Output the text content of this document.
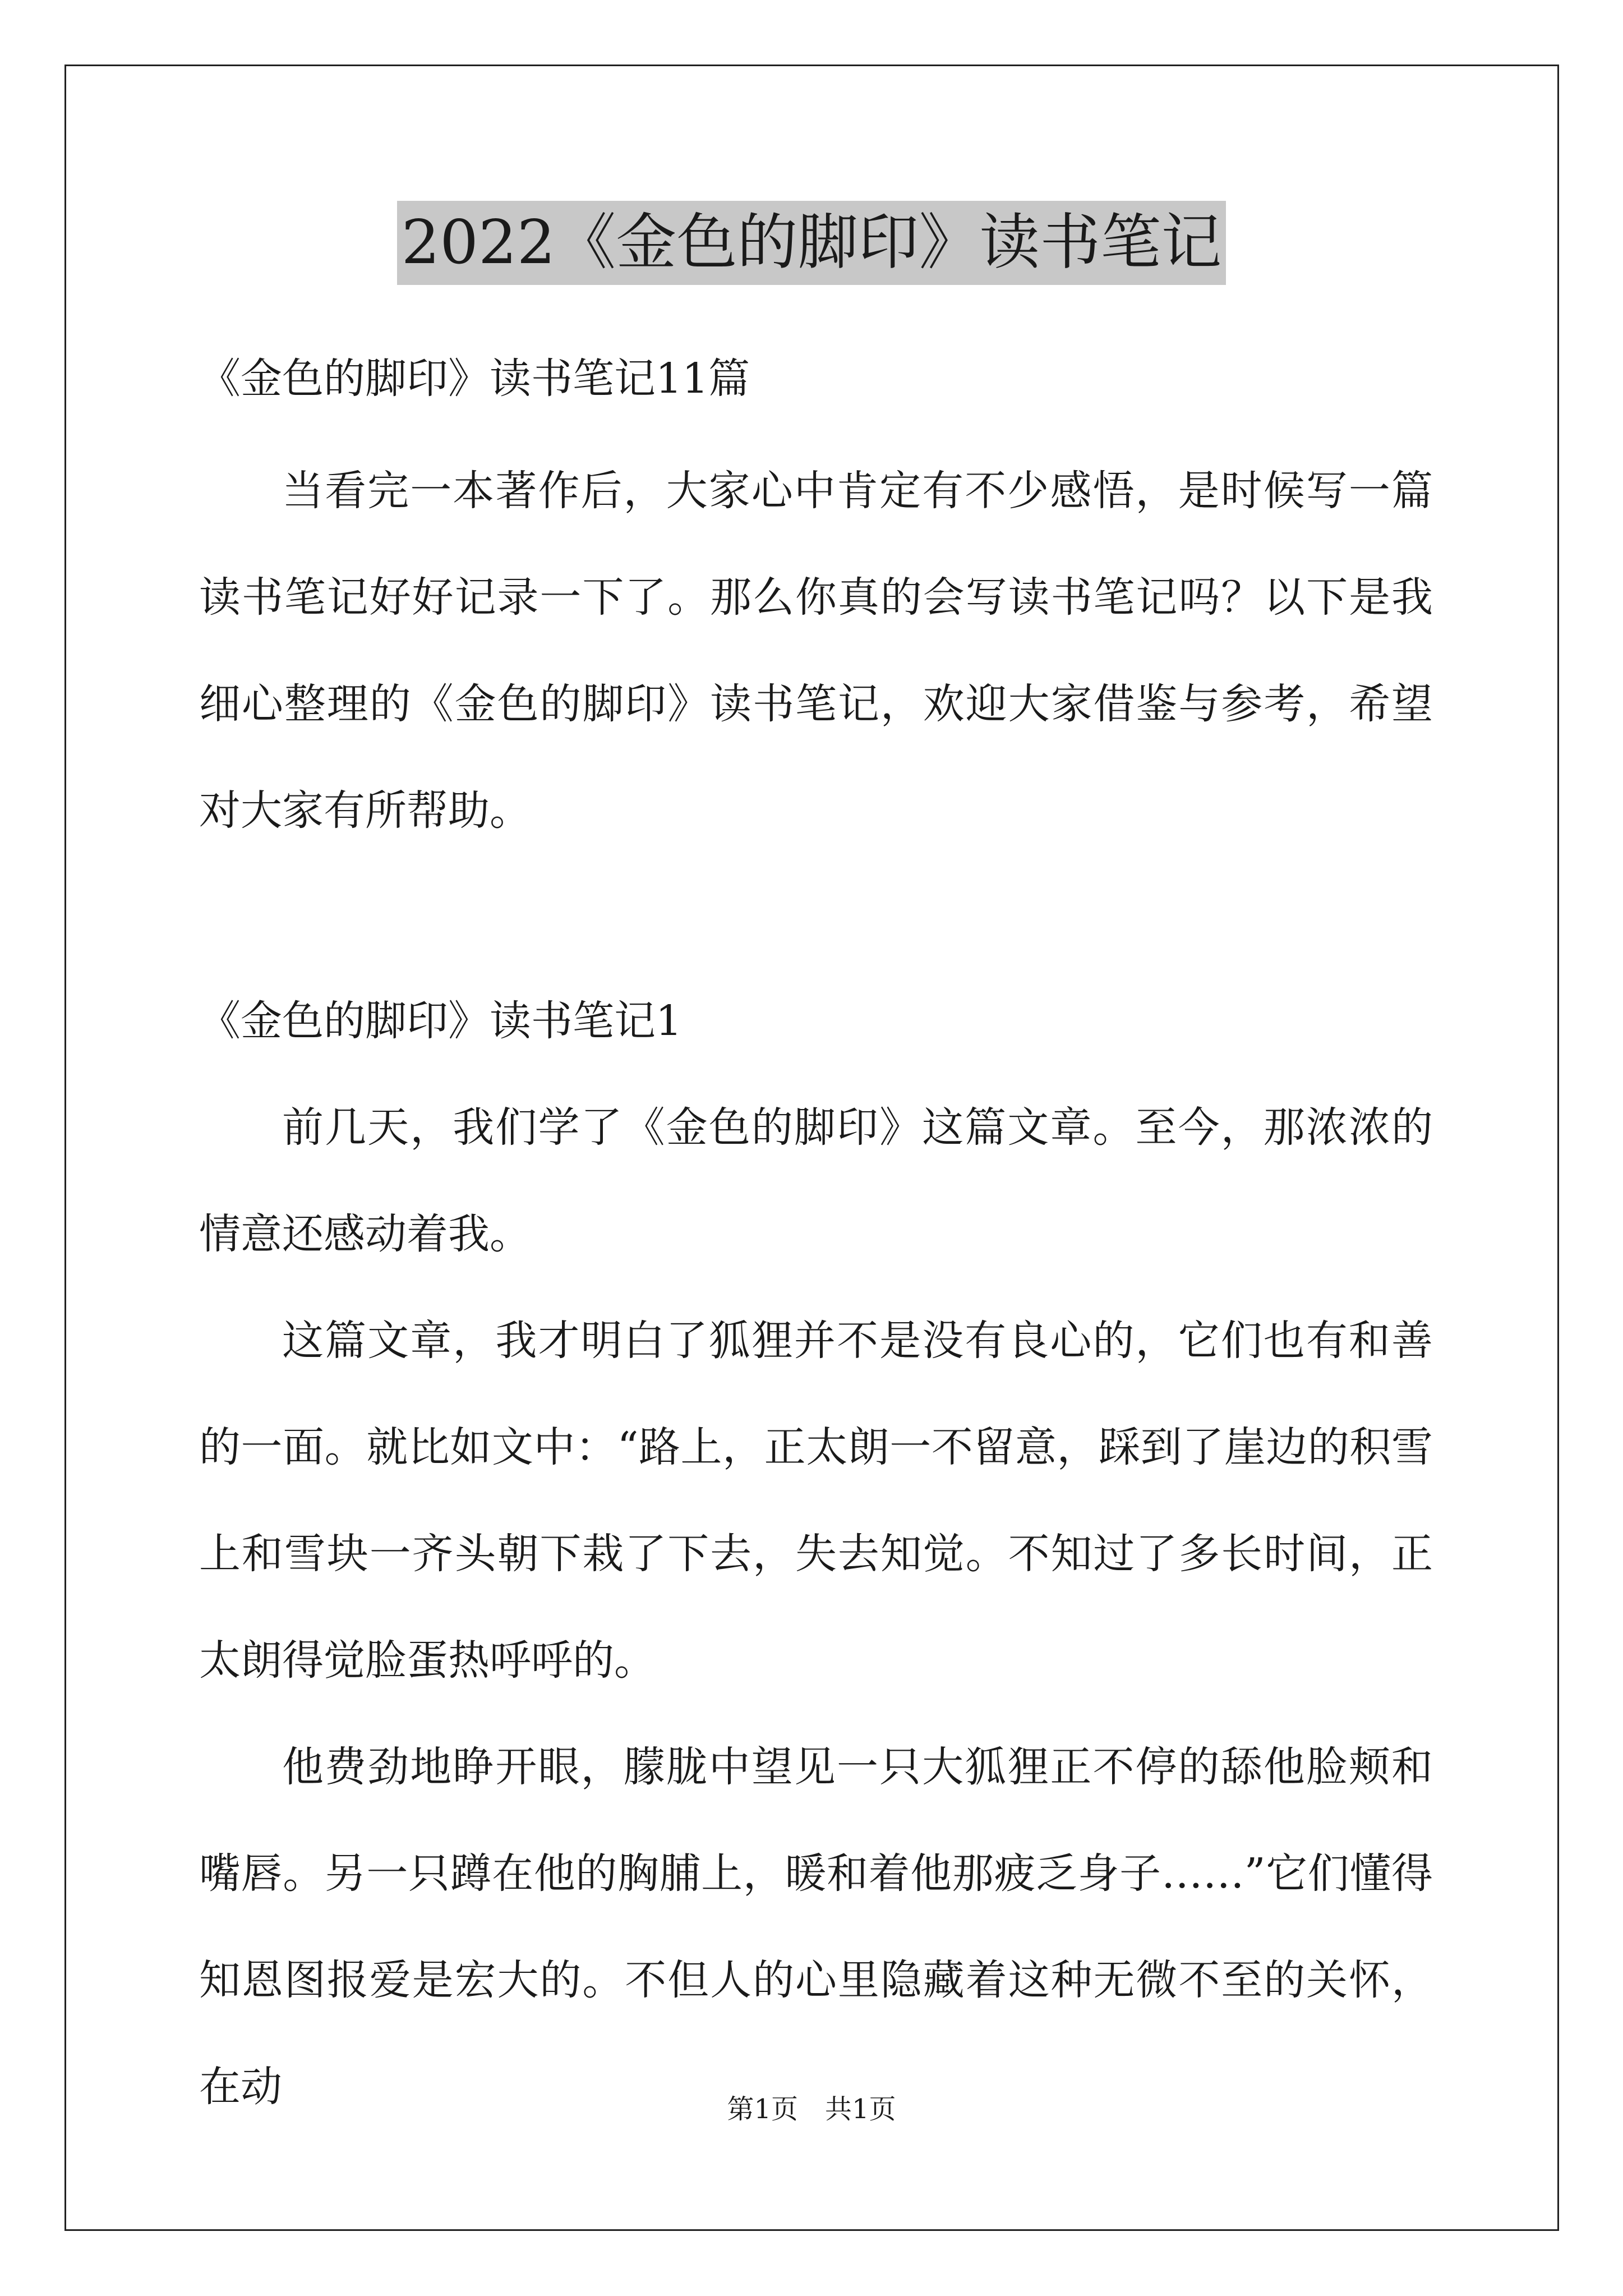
2022《金色的脚印》读书笔记
《金色的脚印》读书笔记11篇

当看完一本著作后，大家心中肯定有不少感悟，是时候写一篇读书笔记好好记录一下了。那么你真的会写读书笔记吗？以下是我细心整理的《金色的脚印》读书笔记，欢迎大家借鉴与参考，希望对大家有所帮助。

《金色的脚印》读书笔记1

前几天，我们学了《金色的脚印》这篇文章。至今，那浓浓的情意还感动着我。

这篇文章，我才明白了狐狸并不是没有良心的，它们也有和善的一面。就比如文中：“路上，正太朗一不留意，踩到了崖边的积雪上和雪块一齐头朝下栽了下去，失去知觉。不知过了多长时间，正太朗得觉脸蛋热呼呼的。

他费劲地睁开眼，朦胧中望见一只大狐狸正不停的舔他脸颊和嘴唇。另一只蹲在他的胸脯上，暖和着他那疲乏身子……”它们懂得知恩图报爱是宏大的。不但人的心里隐藏着这种无微不至的关怀，在动	第1页　共1页
